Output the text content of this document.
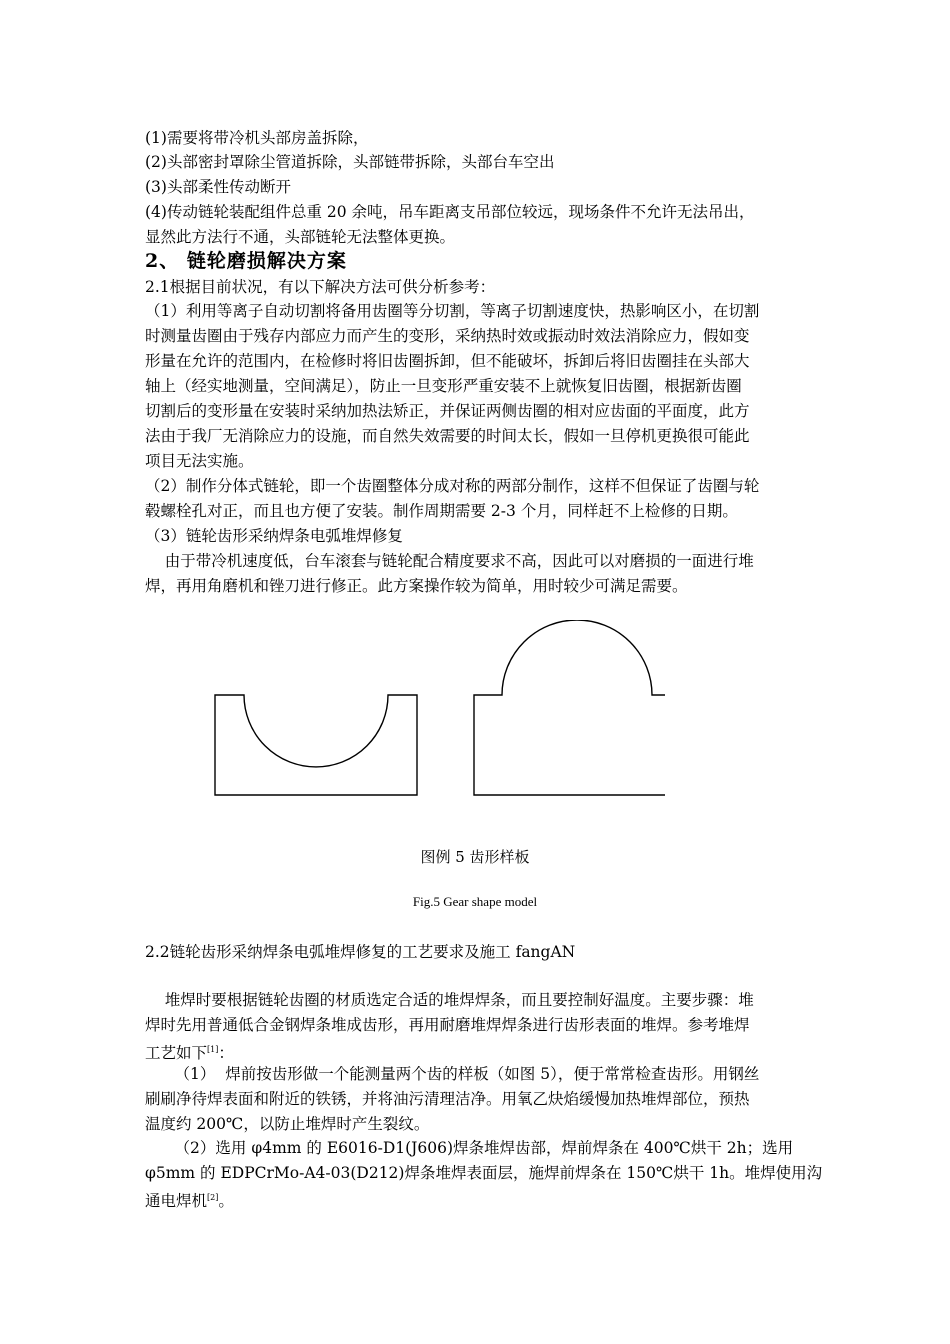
(1)需要将带冷机头部房盖拆除，
(2)头部密封罩除尘管道拆除，头部链带拆除，头部台车空出
(3)头部柔性传动断开
(4)传动链轮装配组件总重 20 余吨，吊车距离支吊部位较远，现场条件不允许无法吊出，
显然此方法行不通，头部链轮无法整体更换。
2、 链轮磨损解决方案
2.1根据目前状况，有以下解决方法可供分析参考：
（1）利用等离子自动切割将备用齿圈等分切割，等离子切割速度快，热影响区小，在切割
时测量齿圈由于残存内部应力而产生的变形，采纳热时效或振动时效法消除应力，假如变
形量在允许的范围内，在检修时将旧齿圈拆卸，但不能破坏，拆卸后将旧齿圈挂在头部大
轴上（经实地测量，空间满足），防止一旦变形严重安装不上就恢复旧齿圈，根据新齿圈
切割后的变形量在安装时采纳加热法矫正，并保证两侧齿圈的相对应齿面的平面度，此方
法由于我厂无消除应力的设施，而自然失效需要的时间太长，假如一旦停机更换很可能此
项目无法实施。
（2）制作分体式链轮，即一个齿圈整体分成对称的两部分制作，这样不但保证了齿圈与轮
毂螺栓孔对正，而且也方便了安装。制作周期需要 2-3 个月，同样赶不上检修的日期。
（3）链轮齿形采纳焊条电弧堆焊修复
由于带冷机速度低，台车滚套与链轮配合精度要求不高，因此可以对磨损的一面进行堆
焊，再用角磨机和锉刀进行修正。此方案操作较为简单，用时较少可满足需要。
图例 5 齿形样板
Fig.5 Gear shape model
2.2链轮齿形采纳焊条电弧堆焊修复的工艺要求及施工 fangAN
堆焊时要根据链轮齿圈的材质选定合适的堆焊焊条，而且要控制好温度。主要步骤：堆
焊时先用普通低合金钢焊条堆成齿形，再用耐磨堆焊焊条进行齿形表面的堆焊。参考堆焊
工艺如下[1]：
（1）  焊前按齿形做一个能测量两个齿的样板（如图 5），便于常常检查齿形。用钢丝
刷刷净待焊表面和附近的铁锈，并将油污清理洁净。用氧乙炔焰缓慢加热堆焊部位，预热
温度约 200℃，以防止堆焊时产生裂纹。
（2）选用 φ4mm 的 E6016-D1(J606)焊条堆焊齿部，焊前焊条在 400℃烘干 2h；选用
φ5mm 的 EDPCrMo-A4-03(D212)焊条堆焊表面层，施焊前焊条在 150℃烘干 1h。堆焊使用沟
通电焊机[2]。
